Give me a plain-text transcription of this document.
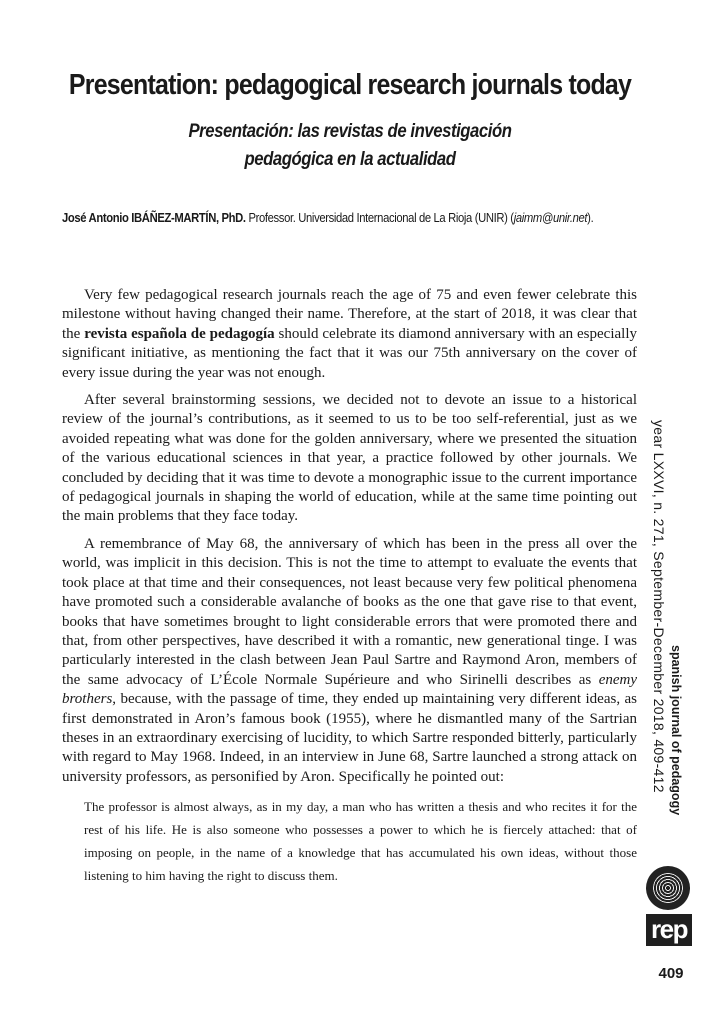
Presentation: pedagogical research journals today
Presentación: las revistas de investigación
pedagógica en la actualidad
José Antonio IBÁÑEZ-MARTÍN, PhD. Professor. Universidad Internacional de La Rioja (UNIR) (jaimm@unir.net).

Very few pedagogical research journals reach the age of 75 and even fewer celebrate this milestone without having changed their name. Therefore, at the start of 2018, it was clear that the revista española de pedagogía should celebrate its diamond anniversary with an especially significant initiative, as mentioning the fact that it was our 75th anniversary on the cover of every issue during the year was not enough.

After several brainstorming sessions, we decided not to devote an issue to a historical review of the journal’s contributions, as it seemed to us to be too self-referential, just as we avoided repeating what was done for the golden anniversary, where we presented the situation of the various educational sciences in that year, a practice followed by other journals. We concluded by deciding that it was time to devote a monographic issue to the current importance of pedagogical journals in shaping the world of education, while at the same time pointing out the main problems that they face today.

A remembrance of May 68, the anniversary of which has been in the press all over the world, was implicit in this decision. This is not the time to attempt to evaluate the events that took place at that time and their consequences, not least because very few political phenomena have promoted such a considerable avalanche of books as the one that gave rise to that event, books that have sometimes brought to light considerable errors that were promoted there and that, from other perspectives, have described it with a romantic, new generational tinge. I was particularly interested in the clash between Jean Paul Sartre and Raymond Aron, members of the same advocacy of L’École Normale Supérieure and who Sirinelli describes as enemy brothers, because, with the passage of time, they ended up maintaining very different ideas, as first demonstrated in Aron’s famous book (1955), where he dismantled many of the Sartrian theses in an extraordinary exercising of lucidity, to which Sartre responded bitterly, particularly with regard to May 1968. Indeed, in an interview in June 68, Sartre launched a strong attack on university professors, as personified by Aron. Specifically he pointed out:

The professor is almost always, as in my day, a man who has written a thesis and who recites it for the rest of his life. He is also someone who possesses a power to which he is fiercely attached: that of imposing on people, in the name of a knowledge that has accumulated his own ideas, without those listening to him having the right to discuss them.
year LXXVI, n. 271, September-December 2018, 409-412 spanish journal of pedagogy
rep
409
